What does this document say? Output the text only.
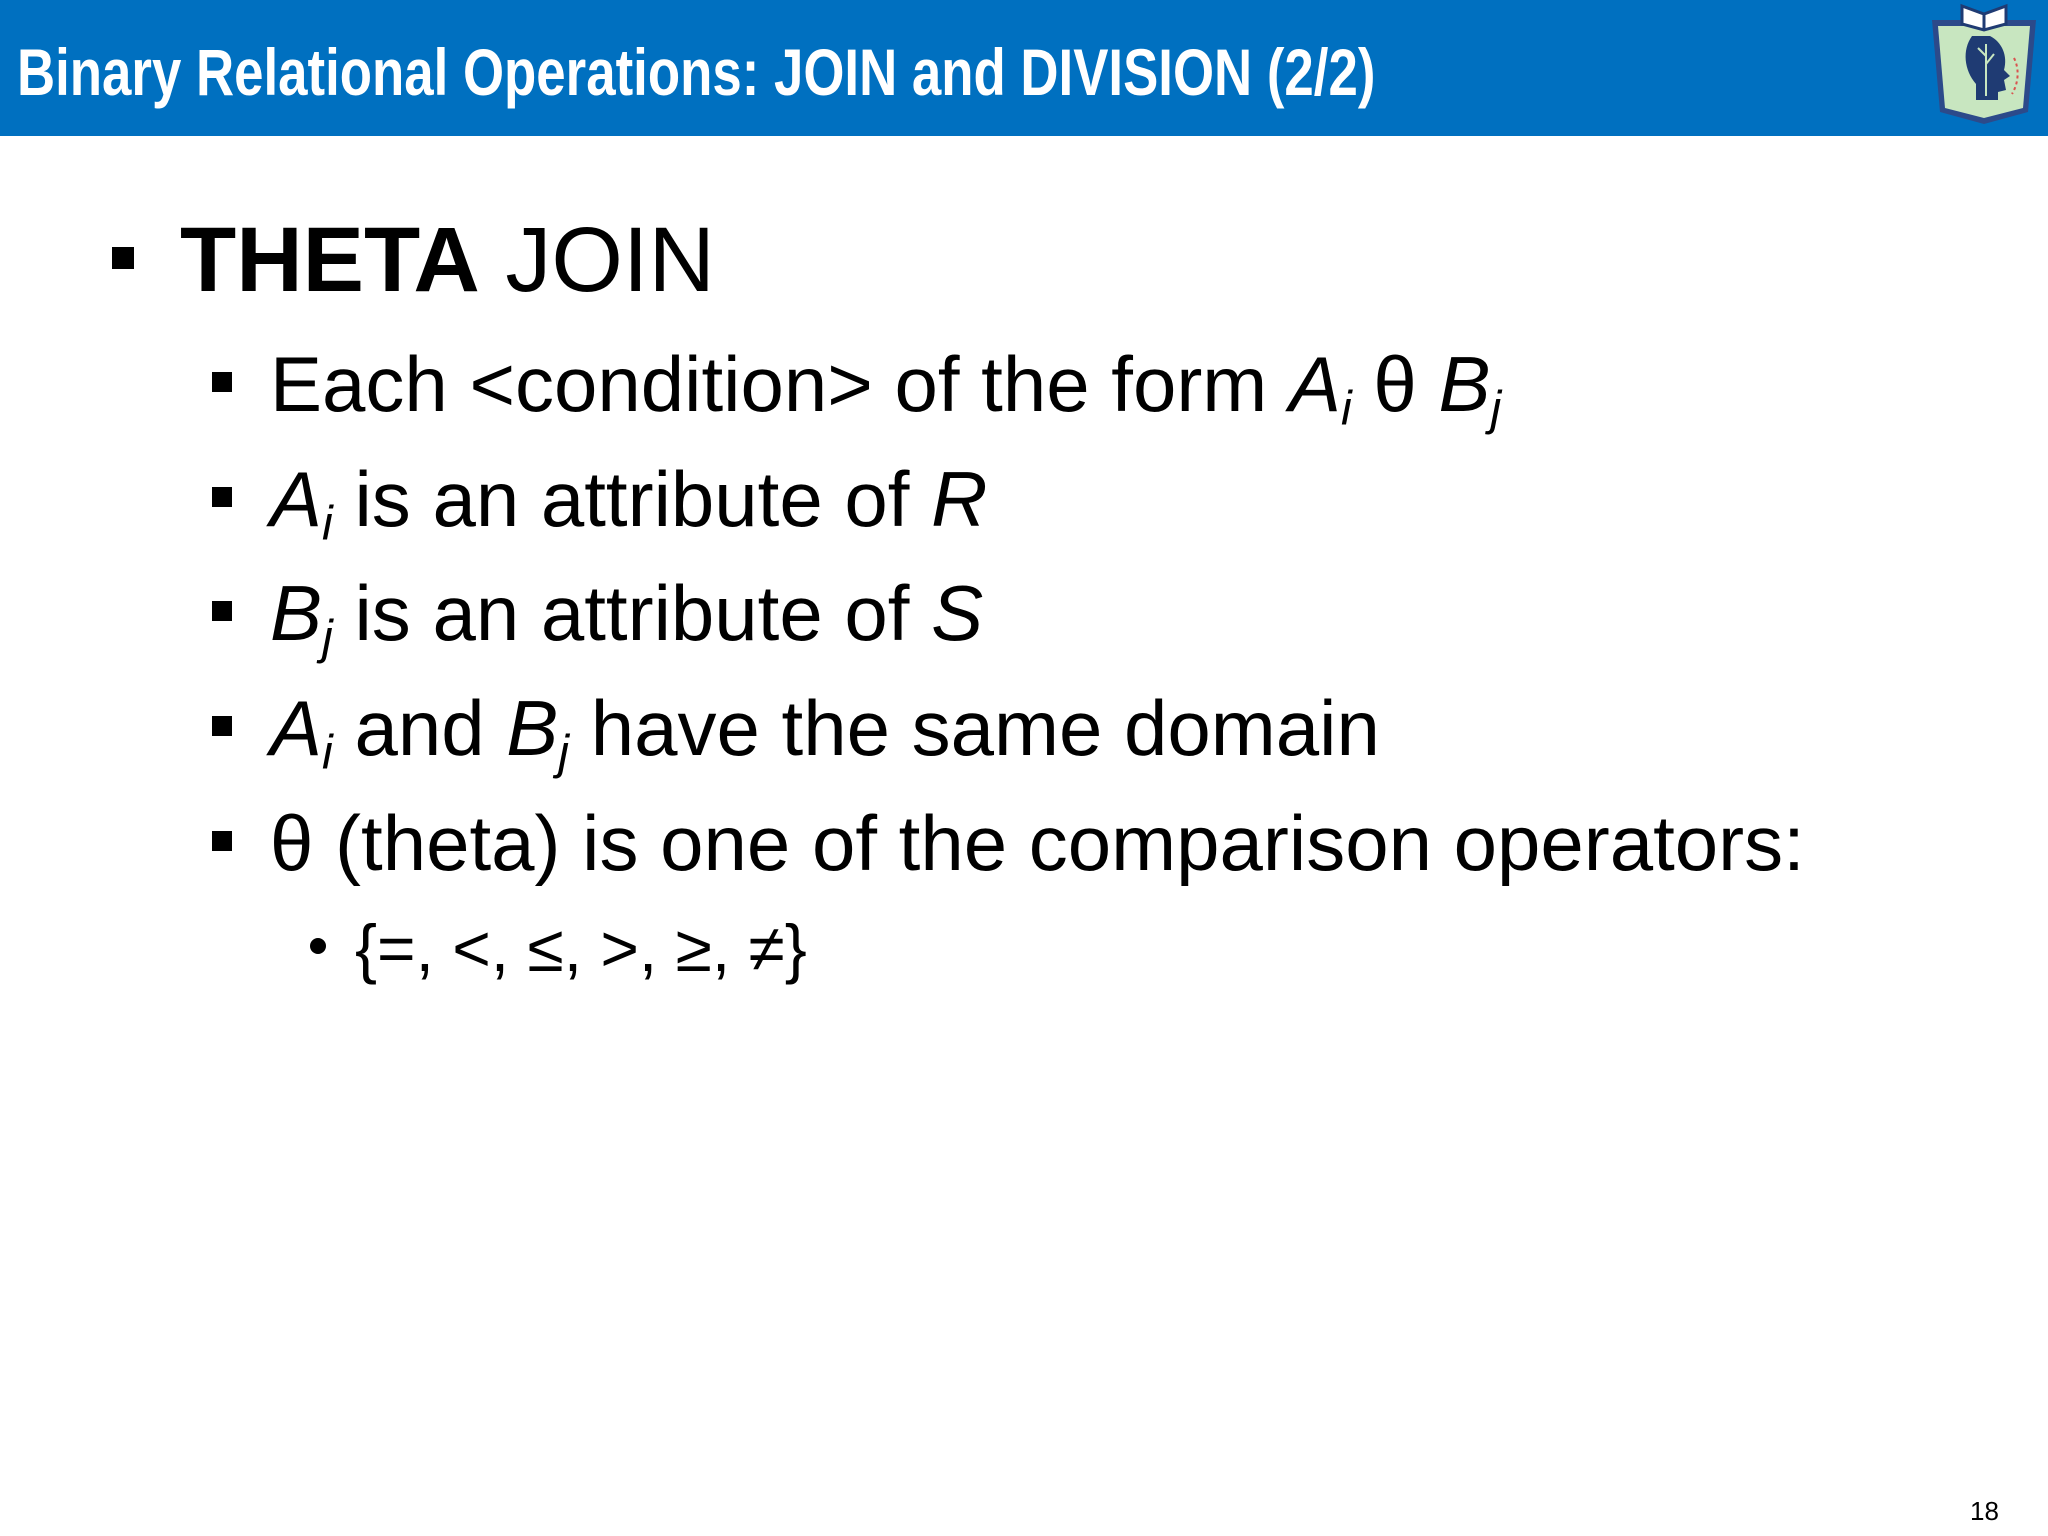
Binary Relational Operations: JOIN and DIVISION (2/2)
THETA JOIN
Each <condition> of the form $A_i$ θ $B_j$
$A_i$ is an attribute of R
$B_j$ is an attribute of S
$A_i$ and $B_j$ have the same domain
θ (theta) is one of the comparison operators:
{=, <, ≤, >, ≥, ≠}
18
